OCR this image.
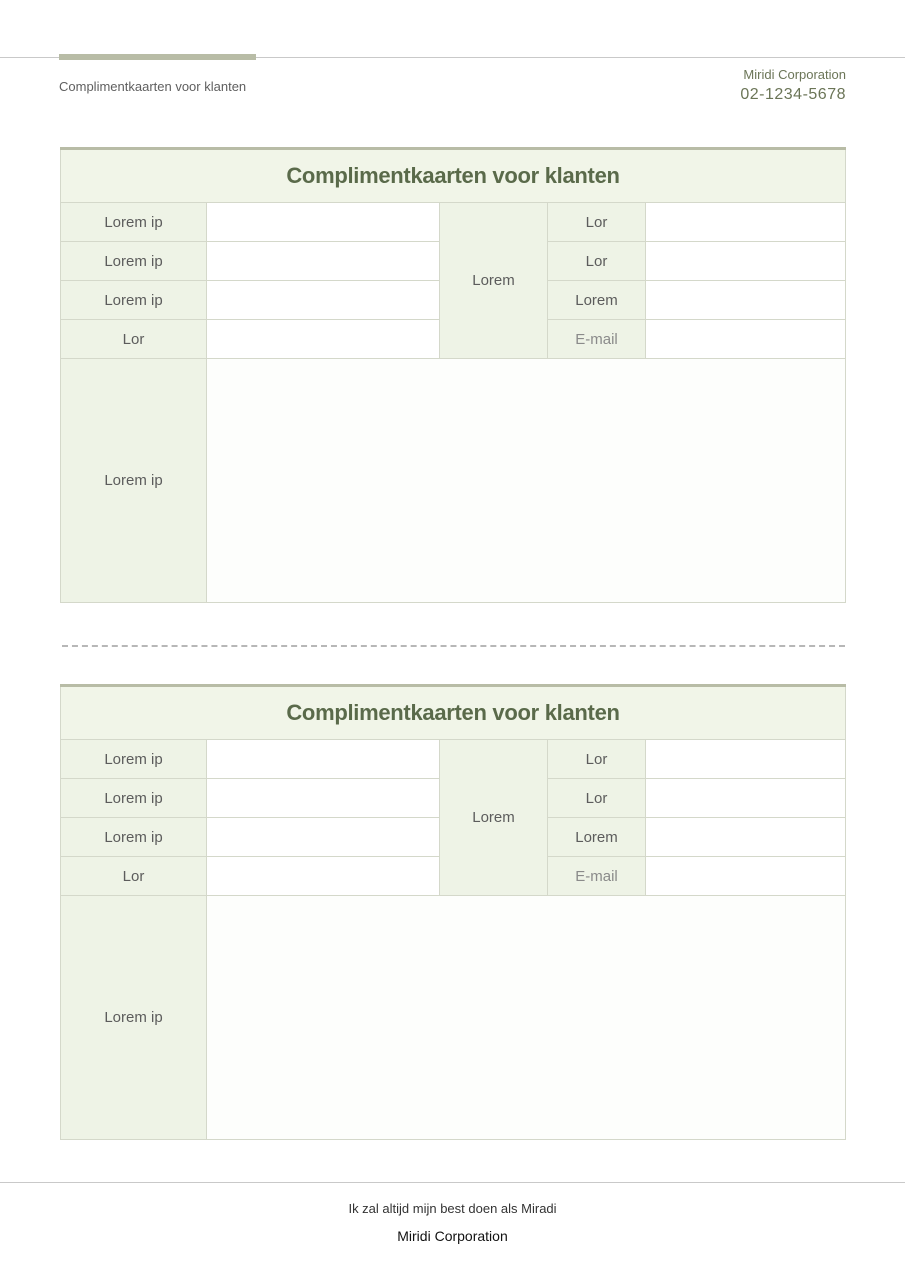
Complimentkaarten voor klanten
Miridi Corporation
02-1234-5678
Complimentkaarten voor klanten				
Lorem ip		Lorem	Lor	
Lorem ip			Lor	
Lorem ip			Lorem	
Lor			E-mail	
Lorem ip				
Complimentkaarten voor klanten				
Lorem ip		Lorem	Lor	
Lorem ip			Lor	
Lorem ip			Lorem	
Lor			E-mail	
Lorem ip				
Ik zal altijd mijn best doen als Miradi
Miridi Corporation
